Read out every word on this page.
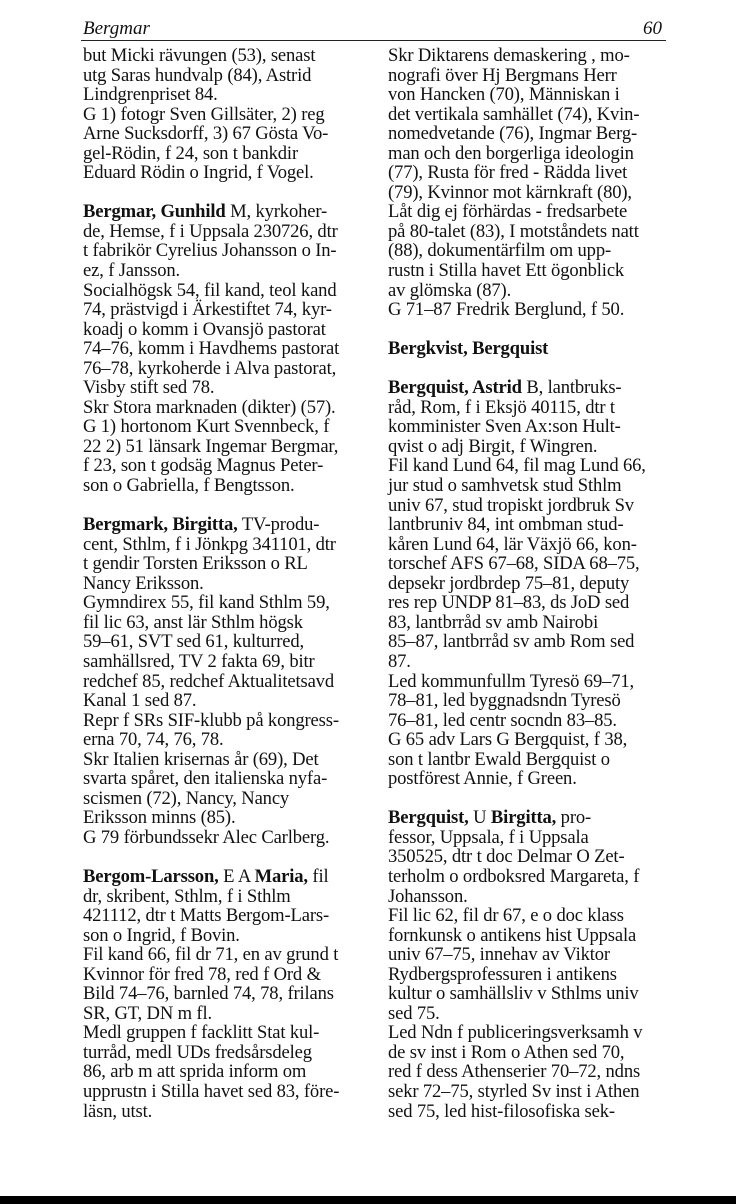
Bergmar	60
but Micki rävungen (53), senast
utg Saras hundvalp (84), Astrid
Lindgrenpriset 84.
G 1) fotogr Sven Gillsäter, 2) reg
Arne Sucksdorff, 3) 67 Gösta Vo-
gel-Rödin, f 24, son t bankdir
Eduard Rödin o Ingrid, f Vogel.
Bergmar, Gunhild M, kyrkoher-
de, Hemse, f i Uppsala 230726, dtr
t fabrikör Cyrelius Johansson o In-
ez, f Jansson.
Socialhögsk 54, fil kand, teol kand
74, prästvigd i Ärkestiftet 74, kyr-
koadj o komm i Ovansjö pastorat
74–76, komm i Havdhems pastorat
76–78, kyrkoherde i Alva pastorat,
Visby stift sed 78.
Skr Stora marknaden (dikter) (57).
G 1) hortonom Kurt Svennbeck, f
22 2) 51 länsark Ingemar Bergmar,
f 23, son t godsäg Magnus Peter-
son o Gabriella, f Bengtsson.
Bergmark, Birgitta, TV-produ-
cent, Sthlm, f i Jönkpg 341101, dtr
t gendir Torsten Eriksson o RL
Nancy Eriksson.
Gymndirex 55, fil kand Sthlm 59,
fil lic 63, anst lär Sthlm högsk
59–61, SVT sed 61, kulturred,
samhällsred, TV 2 fakta 69, bitr
redchef 85, redchef Aktualitetsavd
Kanal 1 sed 87.
Repr f SRs SIF-klubb på kongress-
erna 70, 74, 76, 78.
Skr Italien krisernas år (69), Det
svarta spåret, den italienska nyfa-
scismen (72), Nancy, Nancy
Eriksson minns (85).
G 79 förbundssekr Alec Carlberg.
Bergom-Larsson, E A Maria, fil
dr, skribent, Sthlm, f i Sthlm
421112, dtr t Matts Bergom-Lars-
son o Ingrid, f Bovin.
Fil kand 66, fil dr 71, en av grund t
Kvinnor för fred 78, red f Ord &
Bild 74–76, barnled 74, 78, frilans
SR, GT, DN m fl.
Medl gruppen f facklitt Stat kul-
turråd, medl UDs fredsårsdeleg
86, arb m att sprida inform om
upprustn i Stilla havet sed 83, före-
läsn, utst.
Skr Diktarens demaskering , mo-
nografi över Hj Bergmans Herr
von Hancken (70), Människan i
det vertikala samhället (74), Kvin-
nomedvetande (76), Ingmar Berg-
man och den borgerliga ideologin
(77), Rusta för fred - Rädda livet
(79), Kvinnor mot kärnkraft (80),
Låt dig ej förhärdas - fredsarbete
på 80-talet (83), I motståndets natt
(88), dokumentärfilm om upp-
rustn i Stilla havet Ett ögonblick
av glömska (87).
G 71–87 Fredrik Berglund, f 50.
Bergkvist, Bergquist
Bergquist, Astrid B, lantbruks-
råd, Rom, f i Eksjö 40115, dtr t
komminister Sven Ax:son Hult-
qvist o adj Birgit, f Wingren.
Fil kand Lund 64, fil mag Lund 66,
jur stud o samhvetsk stud Sthlm
univ 67, stud tropiskt jordbruk Sv
lantbruniv 84, int ombman stud-
kåren Lund 64, lär Växjö 66, kon-
torschef AFS 67–68, SIDA 68–75,
depsekr jordbrdep 75–81, deputy
res rep UNDP 81–83, ds JoD sed
83, lantbrråd sv amb Nairobi
85–87, lantbrråd sv amb Rom sed
87.
Led kommunfullm Tyresö 69–71,
78–81, led byggnadsndn Tyresö
76–81, led centr socndn 83–85.
G 65 adv Lars G Bergquist, f 38,
son t lantbr Ewald Bergquist o
postförest Annie, f Green.
Bergquist, U Birgitta, pro-
fessor, Uppsala, f i Uppsala
350525, dtr t doc Delmar O Zet-
terholm o ordboksred Margareta, f
Johansson.
Fil lic 62, fil dr 67, e o doc klass
fornkunsk o antikens hist Uppsala
univ 67–75, innehav av Viktor
Rydbergsprofessuren i antikens
kultur o samhällsliv v Sthlms univ
sed 75.
Led Ndn f publiceringsverksamh v
de sv inst i Rom o Athen sed 70,
red f dess Athenserier 70–72, ndns
sekr 72–75, styrled Sv inst i Athen
sed 75, led hist-filosofiska sek-
